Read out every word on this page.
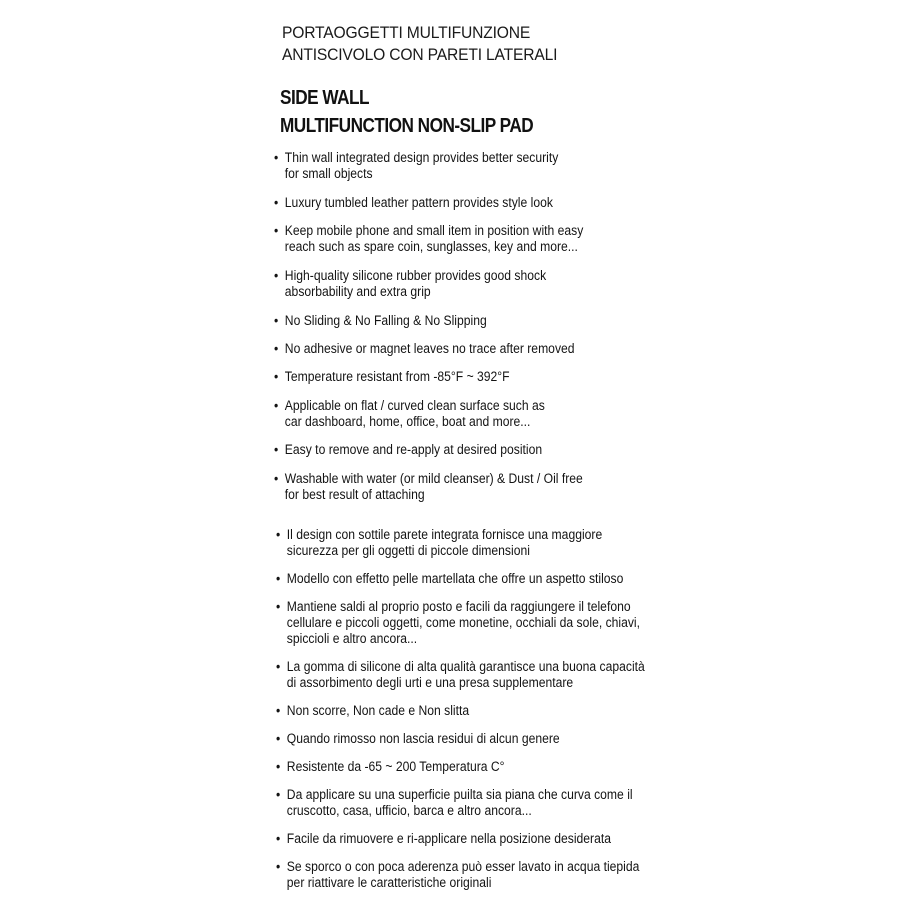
PORTAOGGETTI MULTIFUNZIONE
ANTISCIVOLO CON PARETI LATERALI
SIDE WALL
MULTIFUNCTION NON-SLIP PAD
• Thin wall integrated design provides better security
for small objects
• Luxury tumbled leather pattern provides style look
• Keep mobile phone and small item in position with easy
reach such as spare coin, sunglasses, key and more...
• High-quality silicone rubber provides good shock
absorbability and extra grip
• No Sliding & No Falling & No Slipping
• No adhesive or magnet leaves no trace after removed
• Temperature resistant from -85°F ~ 392°F
• Applicable on flat / curved clean surface such as
car dashboard, home, office, boat and more...
• Easy to remove and re-apply at desired position
• Washable with water (or mild cleanser) & Dust / Oil free
for best result of attaching
• Il design con sottile parete integrata fornisce una maggiore
sicurezza per gli oggetti di piccole dimensioni
• Modello con effetto pelle martellata che offre un aspetto stiloso
• Mantiene saldi al proprio posto e facili da raggiungere il telefono
cellulare e piccoli oggetti, come monetine, occhiali da sole, chiavi,
spiccioli e altro ancora...
• La gomma di silicone di alta qualità garantisce una buona capacità
di assorbimento degli urti e una presa supplementare
• Non scorre, Non cade e Non slitta
• Quando rimosso non lascia residui di alcun genere
• Resistente da -65 ~ 200 Temperatura C°
• Da applicare su una superficie puilta sia piana che curva come il
cruscotto, casa, ufficio, barca e altro ancora...
• Facile da rimuovere e ri-applicare nella posizione desiderata
• Se sporco o con poca aderenza può esser lavato in acqua tiepida
per riattivare le caratteristiche originali
